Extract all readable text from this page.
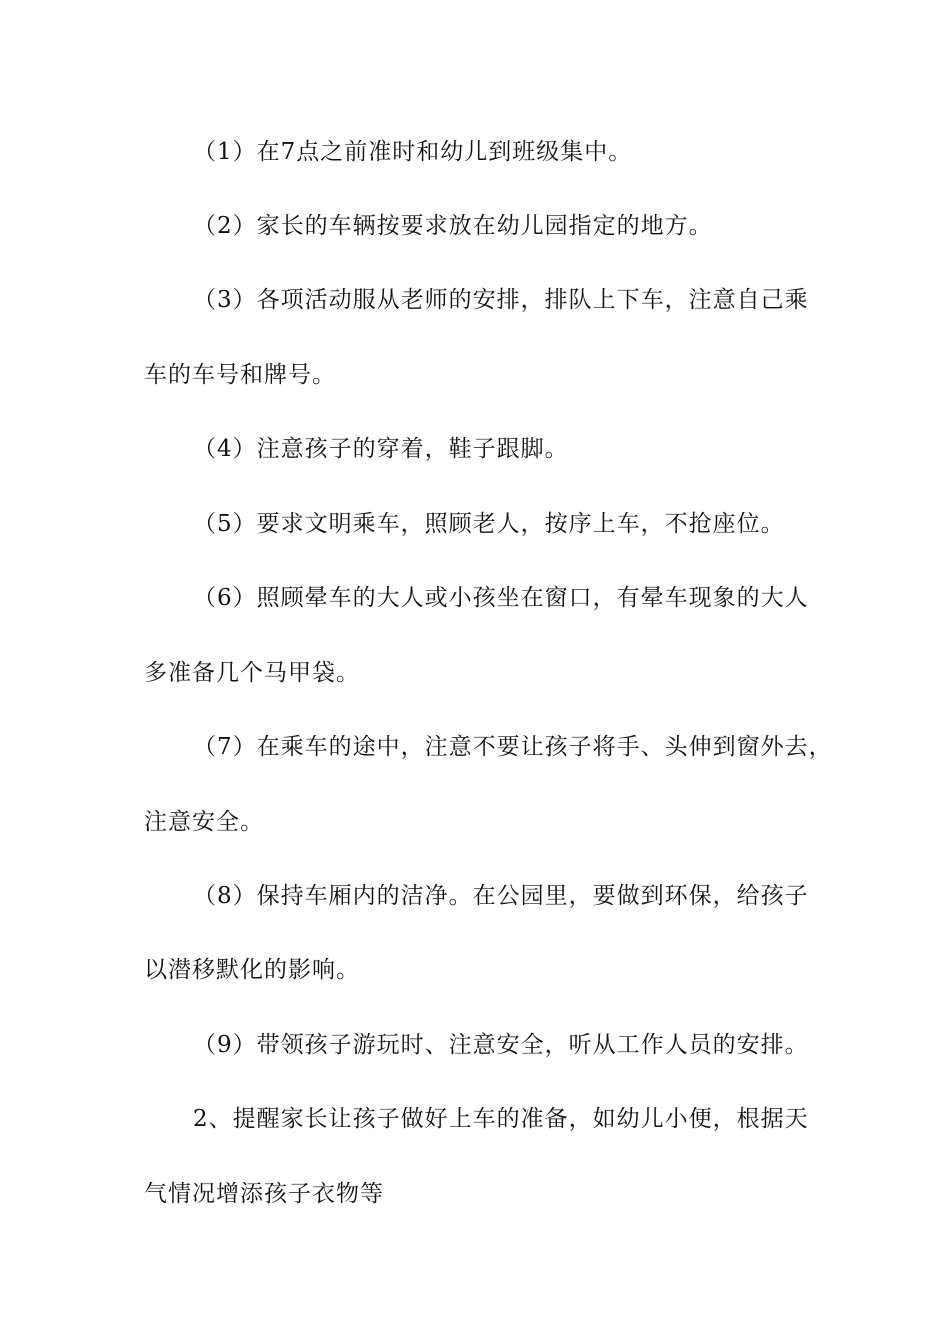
（1）在7点之前准时和幼儿到班级集中。
（2）家长的车辆按要求放在幼儿园指定的地方。
（3）各项活动服从老师的安排，排队上下车，注意自己乘
车的车号和牌号。
（4）注意孩子的穿着，鞋子跟脚。
（5）要求文明乘车，照顾老人，按序上车，不抢座位。
（6）照顾晕车的大人或小孩坐在窗口，有晕车现象的大人
多准备几个马甲袋。
（7）在乘车的途中，注意不要让孩子将手、头伸到窗外去，
注意安全。
（8）保持车厢内的洁净。在公园里，要做到环保，给孩子
以潜移默化的影响。
（9）带领孩子游玩时、注意安全，听从工作人员的安排。
2、提醒家长让孩子做好上车的准备，如幼儿小便，根据天
气情况增添孩子衣物等
